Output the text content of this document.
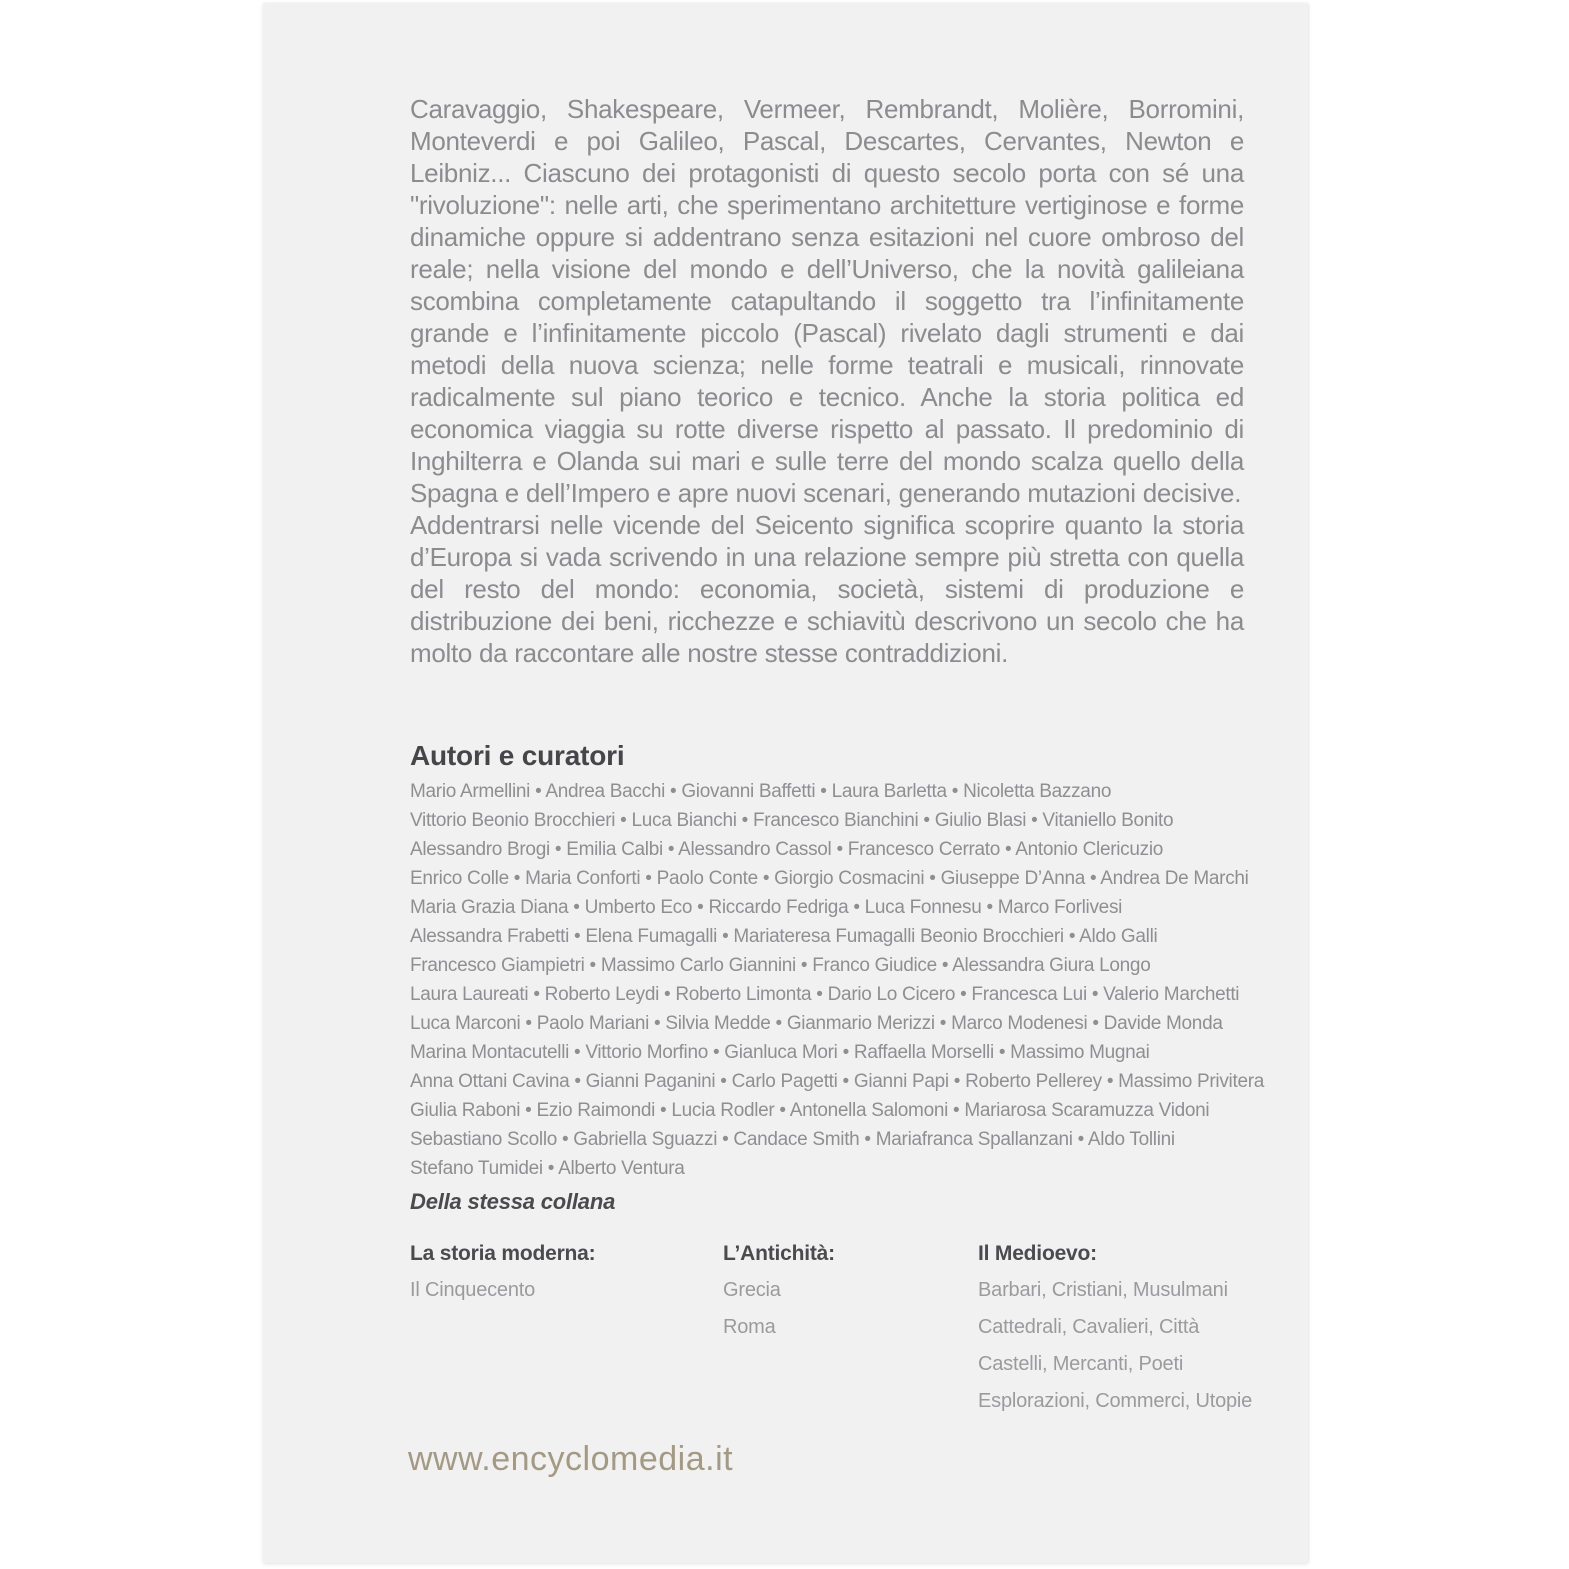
Caravaggio, Shakespeare, Vermeer, Rembrandt, Molière, Borromini, Monteverdi e poi Galileo, Pascal, Descartes, Cervantes, Newton e Leibniz... Ciascuno dei protagonisti di questo secolo porta con sé una "rivoluzione": nelle arti, che sperimentano architetture vertiginose e forme dinamiche oppure si addentrano senza esitazioni nel cuore ombroso del reale; nella visione del mondo e dell’Universo, che la novità galileiana scombina completamente catapultando il soggetto tra l’infinitamente grande e l’infinitamente piccolo (Pascal) rivelato dagli strumenti e dai metodi della nuova scienza; nelle forme teatrali e musicali, rinnovate radicalmente sul piano teorico e tecnico. Anche la storia politica ed economica viaggia su rotte diverse rispetto al passato. Il predominio di Inghilterra e Olanda sui mari e sulle terre del mondo scalza quello della Spagna e dell’Impero e apre nuovi scenari, generando mutazioni decisive.

Addentrarsi nelle vicende del Seicento significa scoprire quanto la storia d’Europa si vada scrivendo in una relazione sempre più stretta con quella del resto del mondo: economia, società, sistemi di produzione e distribuzione dei beni, ricchezze e schiavitù descrivono un secolo che ha molto da raccontare alle nostre stesse contraddizioni.

Autori e curatori
Mario Armellini • Andrea Bacchi • Giovanni Baffetti • Laura Barletta • Nicoletta Bazzano
Vittorio Beonio Brocchieri • Luca Bianchi • Francesco Bianchini • Giulio Blasi • Vitaniello Bonito
Alessandro Brogi • Emilia Calbi • Alessandro Cassol • Francesco Cerrato • Antonio Clericuzio
Enrico Colle • Maria Conforti • Paolo Conte • Giorgio Cosmacini • Giuseppe D’Anna • Andrea De Marchi
Maria Grazia Diana • Umberto Eco • Riccardo Fedriga • Luca Fonnesu • Marco Forlivesi
Alessandra Frabetti • Elena Fumagalli • Mariateresa Fumagalli Beonio Brocchieri • Aldo Galli
Francesco Giampietri • Massimo Carlo Giannini • Franco Giudice • Alessandra Giura Longo
Laura Laureati • Roberto Leydi • Roberto Limonta • Dario Lo Cicero • Francesca Lui • Valerio Marchetti
Luca Marconi • Paolo Mariani • Silvia Medde • Gianmario Merizzi • Marco Modenesi • Davide Monda
Marina Montacutelli • Vittorio Morfino • Gianluca Mori • Raffaella Morselli • Massimo Mugnai
Anna Ottani Cavina • Gianni Paganini • Carlo Pagetti • Gianni Papi • Roberto Pellerey • Massimo Privitera
Giulia Raboni • Ezio Raimondi • Lucia Rodler • Antonella Salomoni • Mariarosa Scaramuzza Vidoni
Sebastiano Scollo • Gabriella Sguazzi • Candace Smith • Mariafranca Spallanzani • Aldo Tollini
Stefano Tumidei • Alberto Ventura
Della stessa collana
La storia moderna:
Il Cinquecento
L’Antichità:
Grecia
Roma
Il Medioevo:
Barbari, Cristiani, Musulmani
Cattedrali, Cavalieri, Città
Castelli, Mercanti, Poeti
Esplorazioni, Commerci, Utopie
www.encyclomedia.it
